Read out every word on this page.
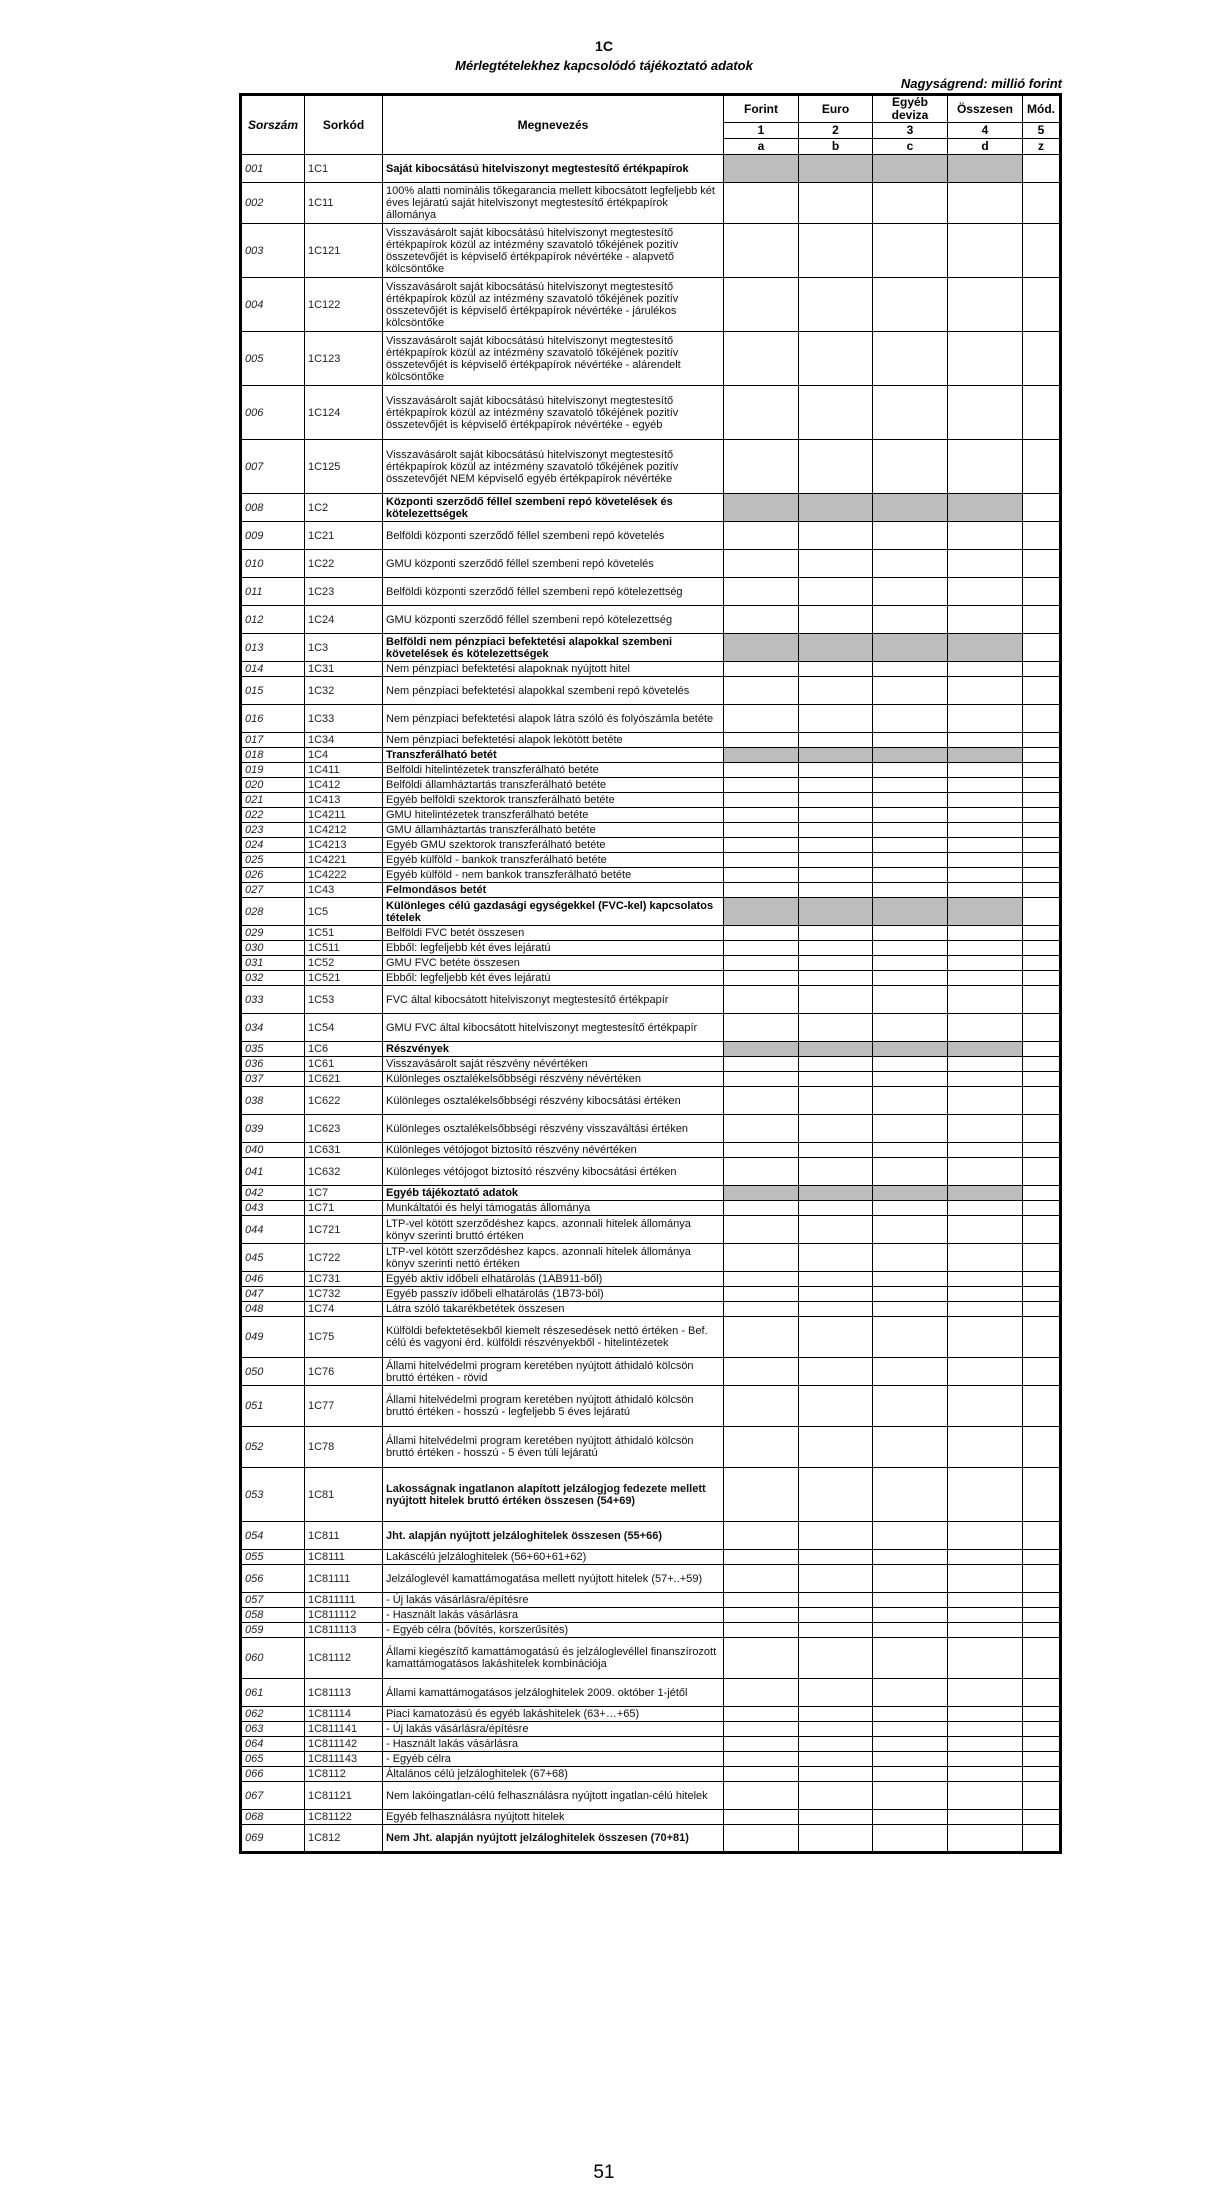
1C
Mérlegtételekhez kapcsolódó tájékoztató adatok
Nagyságrend: millió forint
Sorszám	Sorkód	Megnevezés	Forint	Euro	Egyéb deviza	Összesen	Mód.
			1	2	3	4	5
			a	b	c	d	z
001	1C1	Saját kibocsátású hitelviszonyt megtestesítő értékpapírok					
002	1C11	100% alatti nominális tőkegarancia mellett kibocsátott legfeljebb két éves lejáratú saját hitelviszonyt megtestesítő értékpapírok állománya					
003	1C121	Visszavásárolt saját kibocsátású hitelviszonyt megtestesítő értékpapírok közül az intézmény szavatoló tőkéjének pozitív összetevőjét is képviselő értékpapírok névértéke - alapvető kölcsöntőke					
004	1C122	Visszavásárolt saját kibocsátású hitelviszonyt megtestesítő értékpapírok közül az intézmény szavatoló tőkéjének pozitív összetevőjét is képviselő értékpapírok névértéke - járulékos kölcsöntőke					
005	1C123	Visszavásárolt saját kibocsátású hitelviszonyt megtestesítő értékpapírok közül az intézmény szavatoló tőkéjének pozitív összetevőjét is képviselő értékpapírok névértéke - alárendelt kölcsöntőke					
006	1C124	Visszavásárolt saját kibocsátású hitelviszonyt megtestesítő értékpapírok közül az intézmény szavatoló tőkéjének pozitív összetevőjét is képviselő értékpapírok névértéke - egyéb					
007	1C125	Visszavásárolt saját kibocsátású hitelviszonyt megtestesítő értékpapírok közül az intézmény szavatoló tőkéjének pozitív összetevőjét NEM képviselő egyéb értékpapírok névértéke					
008	1C2	Központi szerződő féllel szembeni repó követelések és kötelezettségek					
009	1C21	Belföldi központi szerződő féllel szembeni repó követelés					
010	1C22	GMU központi szerződő féllel szembeni repó követelés					
011	1C23	Belföldi központi szerződő féllel szembeni repó kötelezettség					
012	1C24	GMU központi szerződő féllel szembeni repó kötelezettség					
013	1C3	Belföldi nem pénzpiaci befektetési alapokkal szembeni követelések és kötelezettségek					
014	1C31	Nem pénzpiaci befektetési alapoknak nyújtott hitel					
015	1C32	Nem pénzpiaci befektetési alapokkal szembeni repó követelés					
016	1C33	Nem pénzpiaci befektetési alapok látra szóló és folyószámla betéte					
017	1C34	Nem pénzpiaci befektetési alapok lekötött betéte					
018	1C4	Transzferálható betét					
019	1C411	Belföldi hitelintézetek transzferálható betéte					
020	1C412	Belföldi államháztartás transzferálható betéte					
021	1C413	Egyéb belföldi szektorok transzferálható betéte					
022	1C4211	GMU hitelintézetek transzferálható betéte					
023	1C4212	GMU államháztartás transzferálható betéte					
024	1C4213	Egyéb GMU szektorok transzferálható betéte					
025	1C4221	Egyéb külföld - bankok transzferálható betéte					
026	1C4222	Egyéb külföld - nem bankok transzferálható betéte					
027	1C43	Felmondásos betét					
028	1C5	Különleges célú gazdasági egységekkel (FVC-kel) kapcsolatos tételek					
029	1C51	Belföldi FVC betét összesen					
030	1C511	Ebből: legfeljebb két éves lejáratú					
031	1C52	GMU FVC betéte összesen					
032	1C521	Ebből: legfeljebb két éves lejáratú					
033	1C53	FVC által kibocsátott hitelviszonyt megtestesítő értékpapír					
034	1C54	GMU FVC által kibocsátott hitelviszonyt megtestesítő értékpapír					
035	1C6	Részvények					
036	1C61	Visszavásárolt saját részvény névértéken					
037	1C621	Különleges osztalékelsőbbségi részvény névértéken					
038	1C622	Különleges osztalékelsőbbségi részvény kibocsátási értéken					
039	1C623	Különleges osztalékelsőbbségi részvény visszaváltási értéken					
040	1C631	Különleges vétójogot biztosító részvény névértéken					
041	1C632	Különleges vétójogot biztosító részvény kibocsátási értéken					
042	1C7	Egyéb tájékoztató adatok					
043	1C71	Munkáltatói és helyi támogatás állománya					
044	1C721	LTP-vel kötött szerződéshez kapcs. azonnali hitelek állománya könyv szerinti bruttó értéken					
045	1C722	LTP-vel kötött szerződéshez kapcs. azonnali hitelek állománya könyv szerinti nettó értéken					
046	1C731	Egyéb aktív időbeli elhatárolás (1AB911-ből)					
047	1C732	Egyéb passzív időbeli elhatárolás (1B73-ból)					
048	1C74	Látra szóló takarékbetétek összesen					
049	1C75	Külföldi befektetésekből kiemelt részesedések nettó értéken - Bef. célú és vagyoni érd. külföldi részvényekből - hitelintézetek					
050	1C76	Állami hitelvédelmi program keretében nyújtott áthidaló kölcsön bruttó értéken - rövid					
051	1C77	Állami hitelvédelmi program keretében nyújtott áthidaló kölcsön bruttó értéken - hosszú - legfeljebb 5 éves lejáratú					
052	1C78	Állami hitelvédelmi program keretében nyújtott áthidaló kölcsön bruttó értéken - hosszú - 5 éven túli lejáratú					
053	1C81	Lakosságnak ingatlanon alapított jelzálogjog fedezete mellett nyújtott hitelek bruttó értéken összesen (54+69)					
054	1C811	Jht. alapján nyújtott jelzáloghitelek összesen (55+66)					
055	1C8111	Lakáscélú jelzáloghitelek (56+60+61+62)					
056	1C81111	Jelzáloglevél kamattámogatása mellett nyújtott hitelek (57+..+59)					
057	1C811111	- Új lakás vásárlásra/építésre					
058	1C811112	- Használt lakás vásárlásra					
059	1C811113	- Egyéb célra (bővítés, korszerűsítés)					
060	1C81112	Állami kiegészítő kamattámogatású és jelzáloglevéllel finanszírozott kamattámogatásos lakáshitelek kombinációja					
061	1C81113	Állami kamattámogatásos jelzáloghitelek 2009. október 1-jétől					
062	1C81114	Piaci kamatozású és egyéb lakáshitelek (63+…+65)					
063	1C811141	- Új lakás vásárlásra/építésre					
064	1C811142	- Használt lakás vásárlásra					
065	1C811143	- Egyéb célra					
066	1C8112	Általános célú jelzáloghitelek (67+68)					
067	1C81121	Nem lakóingatlan-célú felhasználásra nyújtott ingatlan-célú hitelek					
068	1C81122	Egyéb felhasználásra nyújtott hitelek					
069	1C812	Nem Jht. alapján nyújtott jelzáloghitelek összesen (70+81)					
51
